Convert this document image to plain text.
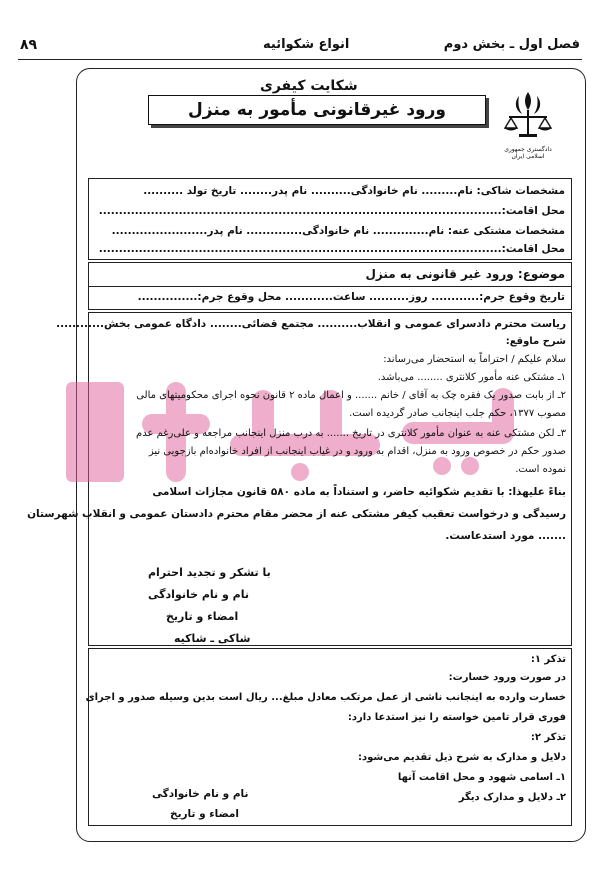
فصل اول ـ بخش دوم
انواع شکوائیه
۸۹
دادگستری جمهوری اسلامی ایران
شکایت کیفری
ورود غیرقانونی مأمور به منزل
مشخصات شاکی: نام......... نام خانوادگی.......... نام پدر........ تاریخ تولد ..........
محل اقامت:.....................................................................................................
مشخصات مشتکی عنه: نام.............. نام خانوادگی.............. نام پدر........................
محل اقامت:.....................................................................................................
موضوع: ورود غیر قانونی به منزل
تاریخ وقوع جرم:............ روز.......... ساعت............ محل وقوع جرم:...............
ریاست محترم دادسرای عمومی و انقلاب.......... مجتمع قضائی........ دادگاه عمومی بخش............
شرح ماوقع:
سلام علیکم / احتراماً به استحضار می‌رساند:
۱ـ مشتکی عنه مأمور کلانتری ........ می‌باشد.
۲ـ از بابت صدور یک فقره چک به آقای / خانم ....... و اعمال ماده ۲ قانون نحوه اجرای محکومیتهای مالی
مصوب ۱۳۷۷، حکم جلب اینجانب صادر گردیده است.
۳ـ لکن مشتکی عنه به عنوان مأمور کلانتری در تاریخ ....... به درب منزل اینجانب مراجعه و علی‌رغم عدم
صدور حکم در خصوص ورود به منزل، اقدام به ورود و در غیاب اینجانب از افراد خانواده‌ام بازجویی نیز
نموده است.
بناءً علیهذا: با تقدیم شکوائیه حاضر، و استناداً به ماده ۵۸۰ قانون مجازات اسلامی
رسیدگی و درخواست تعقیب کیفر مشتکی عنه از محضر مقام محترم دادستان عمومی و انقلاب شهرستان
....... مورد استدعاست.
با تشکر و تجدید احترام
نام و نام خانوادگی
امضاء و تاریخ
شاکی ـ شاکیه
تذکر ۱:
در صورت ورود خسارت:
خسارت وارده به اینجانب ناشی از عمل مرتکب معادل مبلغ... ریال است بدین وسیله صدور و اجرای
فوری قرار تامین خواسته را نیز استدعا دارد:
تذکر ۲:
دلایل و مدارک به شرح ذیل تقدیم می‌شود:
۱ـ اسامی شهود و محل اقامت آنها
۲ـ دلایل و مدارک دیگر
نام و نام خانوادگی
امضاء و تاریخ
